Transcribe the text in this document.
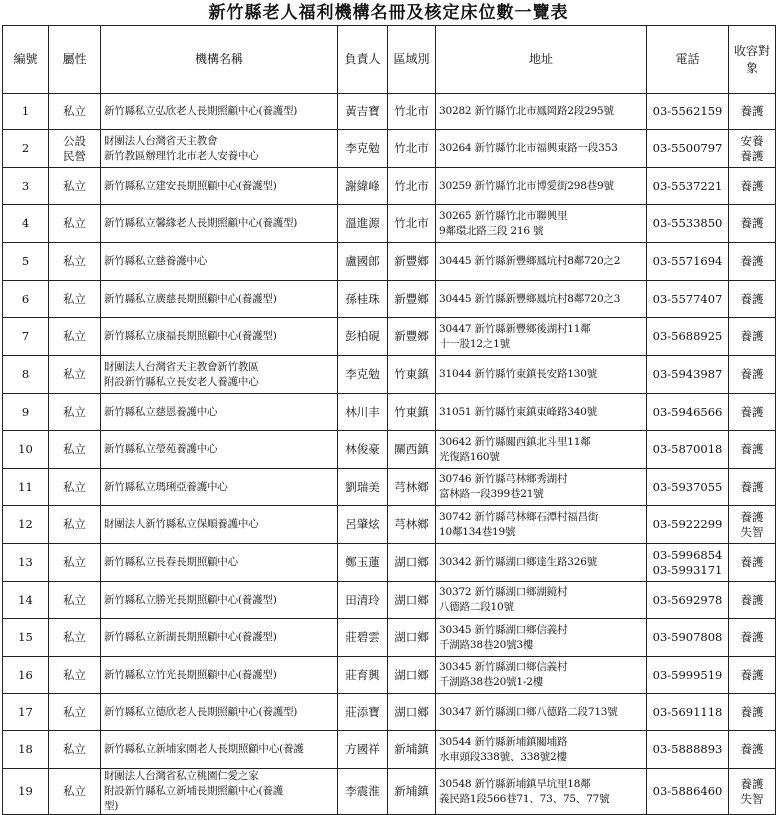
新竹縣老人福利機構名冊及核定床位數一覽表
編號	屬性	機構名稱	負責人	區域別	地址	電話	收容對象
1	私立	新竹縣私立弘欣老人長期照顧中心(養護型)	黃吉寶	竹北市	30282 新竹縣竹北市鳳岡路2段295號	03-5562159	養護

2	公設
民營	財團法人台灣省天主教會
新竹教區辦理竹北市老人安養中心	李克勉	竹北市	30264 新竹縣竹北市福興東路一段353	03-5500797	安養
養護

3	私立	新竹縣私立建安長期照顧中心(養護型)	謝緯峰	竹北市	30259 新竹縣竹北市博愛街298巷9號	03-5537221	養護

4	私立	新竹縣私立馨緣老人長期照顧中心(養護型)	溫進源	竹北市	30265 新竹縣竹北市聯興里
9鄰環北路三段 216 號	03-5533850	養護

5	私立	新竹縣私立慈養護中心	盧國郎	新豐鄉	30445 新竹縣新豐鄉鳳坑村8鄰720之2	03-5571694	養護

6	私立	新竹縣私立廣慈長期照顧中心(養護型)	孫桂珠	新豐鄉	30445 新竹縣新豐鄉鳳坑村8鄰720之3	03-5577407	養護

7	私立	新竹縣私立康福長期照顧中心(養護型)	彭柏硯	新豐鄉	30447 新竹縣新豐鄉後湖村11鄰
十一股12之1號	03-5688925	養護

8	私立	財團法人台灣省天主教會新竹教區
附設新竹縣私立長安老人養護中心	李克勉	竹東鎮	31044 新竹縣竹東鎮長安路130號	03-5943987	養護

9	私立	新竹縣私立慈恩養護中心	林川丰	竹東鎮	31051 新竹縣竹東鎮東峰路340號	03-5946566	養護

10	私立	新竹縣私立瑩苑養護中心	林俊豪	關西鎮	30642 新竹縣關西鎮北斗里11鄰
光復路160號	03-5870018	養護

11	私立	新竹縣私立瑪琍亞養護中心	劉瑞美	芎林鄉	30746 新竹縣芎林鄉秀湖村
富林路一段399巷21號	03-5937055	養護

12	私立	財團法人新竹縣私立保順養護中心	呂肇炫	芎林鄉	30742 新竹縣芎林鄉石潭村福昌街
10鄰134巷19號	03-5922299	養護
失智

13	私立	新竹縣私立長春長期照顧中心	鄭玉蓮	湖口鄉	30342 新竹縣湖口鄉達生路326號	03-5996854
03-5993171	養護

14	私立	新竹縣私立勝光長期照顧中心(養護型)	田清玲	湖口鄉	30372 新竹縣湖口鄉湖鏡村
八德路二段10號	03-5692978	養護

15	私立	新竹縣私立新湖長期照顧中心(養護型)	莊碧雲	湖口鄉	30345 新竹縣湖口鄉信義村
千湖路38巷20號3樓	03-5907808	養護

16	私立	新竹縣私立竹光長期照顧中心(養護型)	莊育興	湖口鄉	30345 新竹縣湖口鄉信義村
千湖路38巷20號1-2樓	03-5999519	養護

17	私立	新竹縣私立德欣老人長期照顧中心(養護型)	莊添寶	湖口鄉	30347 新竹縣湖口鄉八德路二段713號	03-5691118	養護

18	私立	新竹縣私立新埔家園老人長期照顧中心(養護	方國祥	新埔鎮	30544 新竹縣新埔鎮關埔路
水車頭段338號、338號2樓	03-5888893	養護

19	私立	財團法人台灣省私立桃園仁愛之家
附設新竹縣私立新埔長期照顧中心(養護
型)	李震淮	新埔鎮	30548 新竹縣新埔鎮旱坑里18鄰
義民路1段566巷71、73、75、77號	03-5886460	養護
失智
